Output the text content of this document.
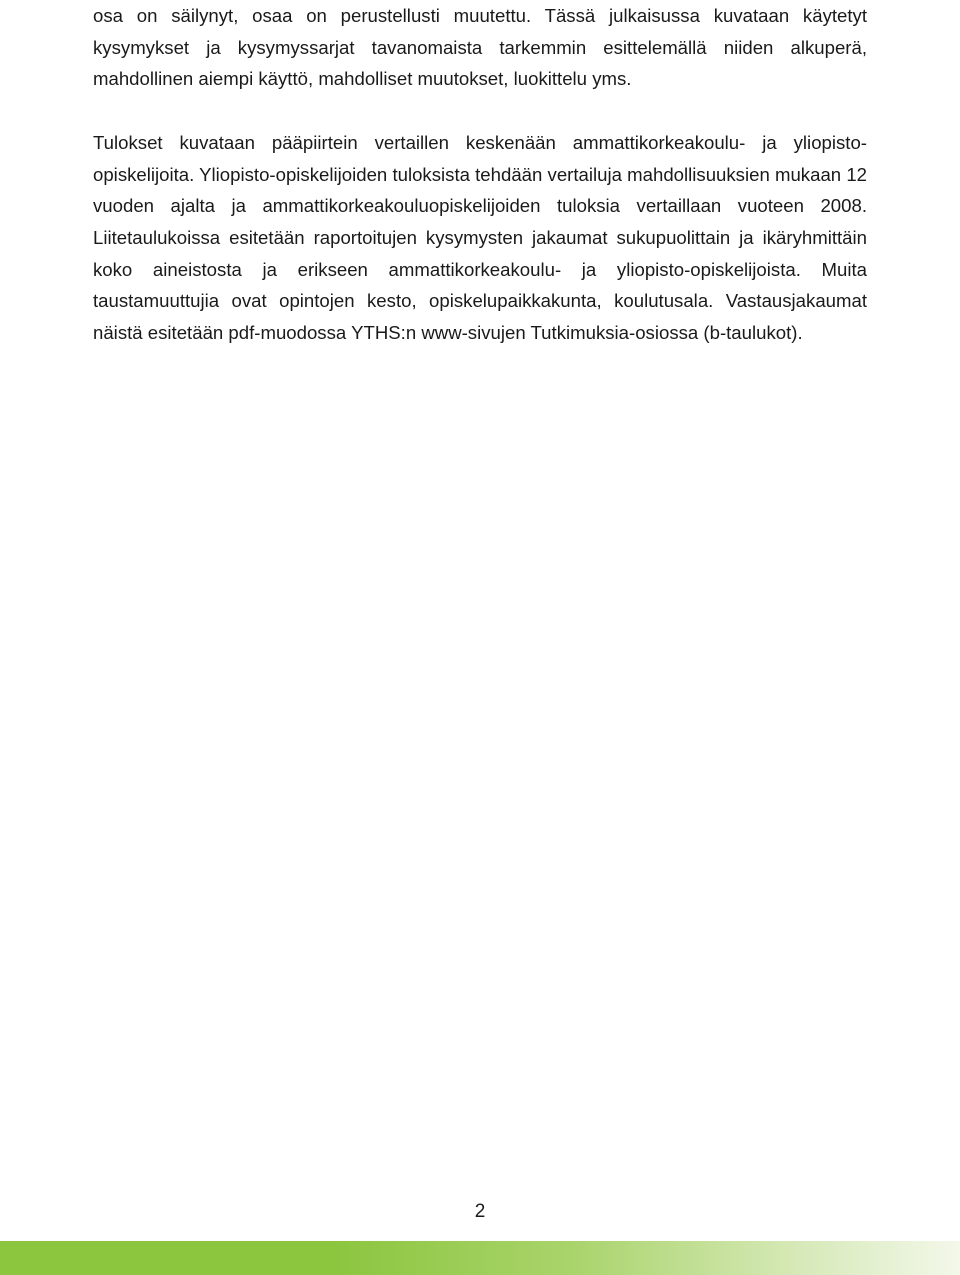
osa on säilynyt, osaa on perustellusti muutettu. Tässä julkaisussa kuvataan käytetyt kysymykset ja kysymyssarjat tavanomaista tarkemmin esittelemällä niiden alkuperä, mahdollinen aiempi käyttö, mahdolliset muutokset, luokittelu yms.

Tulokset kuvataan pääpiirtein vertaillen keskenään ammattikorkeakoulu- ja yliopisto-opiskelijoita. Yliopisto-opiskelijoiden tuloksista tehdään vertailuja mahdollisuuksien mukaan 12 vuoden ajalta ja ammattikorkeakouluopiskelijoiden tuloksia vertaillaan vuoteen 2008. Liitetaulukoissa esitetään raportoitujen kysymysten jakaumat sukupuolittain ja ikäryhmittäin koko aineistosta ja erikseen ammattikorkeakoulu- ja yliopisto-opiskelijoista. Muita taustamuuttujia ovat opintojen kesto, opiskelupaikkakunta, koulutusala. Vastausjakaumat näistä esitetään pdf-muodossa YTHS:n www-sivujen Tutkimuksia-osiossa (b-taulukot).

2
